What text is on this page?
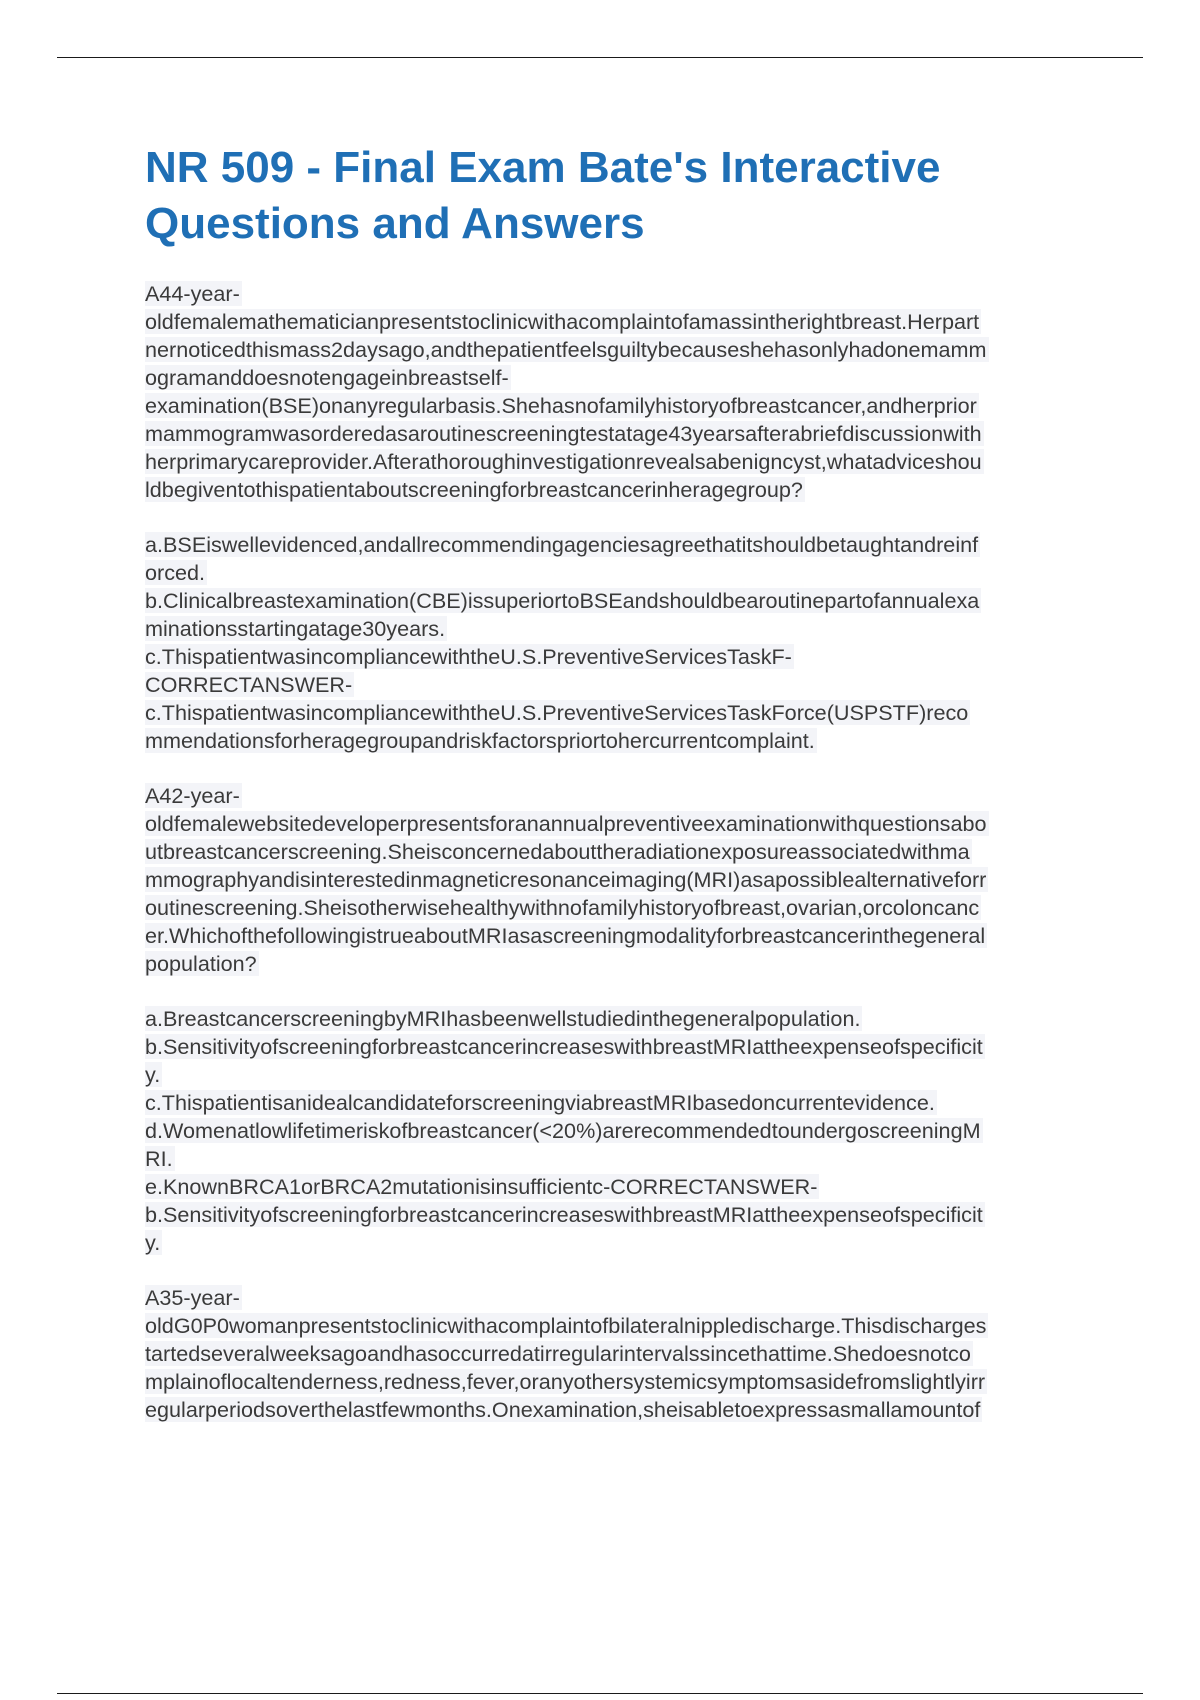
NR 509 - Final Exam Bate's Interactive
Questions and Answers
A44-year-
oldfemalemathematicianpresentstoclinicwithacomplaintofamassintherightbreast.Herpart
nernoticedthismass2daysago,andthepatientfeelsguiltybecauseshehasonlyhadonemamm
ogramanddoesnotengageinbreastself-
examination(BSE)onanyregularbasis.Shehasnofamilyhistoryofbreastcancer,andherprior
mammogramwasorderedasaroutinescreeningtestatage43yearsafterabriefdiscussionwith
herprimarycareprovider.Afterathoroughinvestigationrevealsabenigncyst,whatadviceshou
ldbegiventothispatientaboutscreeningforbreastcancerinheragegroup?
a.BSEiswellevidenced,andallrecommendingagenciesagreethatitshouldbetaughtandreinf
orced.
b.Clinicalbreastexamination(CBE)issuperiortoBSEandshouldbearoutinepartofannualexa
minationsstartingatage30years.
c.ThispatientwasincompliancewiththeU.S.PreventiveServicesTaskF-
CORRECTANSWER-
c.ThispatientwasincompliancewiththeU.S.PreventiveServicesTaskForce(USPSTF)reco
mmendationsforheragegroupandriskfactorspriortohercurrentcomplaint.
A42-year-
oldfemalewebsitedeveloperpresentsforanannualpreventiveexaminationwithquestionsabo
utbreastcancerscreening.Sheisconcernedabouttheradiationexposureassociatedwithma
mmographyandisinterestedinmagneticresonanceimaging(MRI)asapossiblealternativeforr
outinescreening.Sheisotherwisehealthywithnofamilyhistoryofbreast,ovarian,orcoloncanc
er.WhichofthefollowingistrueaboutMRIasascreeningmodalityforbreastcancerinthegeneral
population?
a.BreastcancerscreeningbyMRIhasbeenwellstudiedinthegeneralpopulation.
b.SensitivityofscreeningforbreastcancerincreaseswithbreastMRIattheexpenseofspecificit
y.
c.ThispatientisanidealcandidateforscreeningviabreastMRIbasedoncurrentevidence.
d.Womenatlowlifetimeriskofbreastcancer(<20%)arerecommendedtoundergoscreeningM
RI.
e.KnownBRCA1orBRCA2mutationisinsufficientc-CORRECTANSWER-
b.SensitivityofscreeningforbreastcancerincreaseswithbreastMRIattheexpenseofspecificit
y.
A35-year-
oldG0P0womanpresentstoclinicwithacomplaintofbilateralnippledischarge.Thisdischarges
tartedseveralweeksagoandhasoccurredatirregularintervalssincethattime.Shedoesnotco
mplainoflocaltenderness,redness,fever,oranyothersystemicsymptomsasidefromslightlyirr
egularperiodsoverthelastfewmonths.Onexamination,sheisabletoexpressasmallamountof
